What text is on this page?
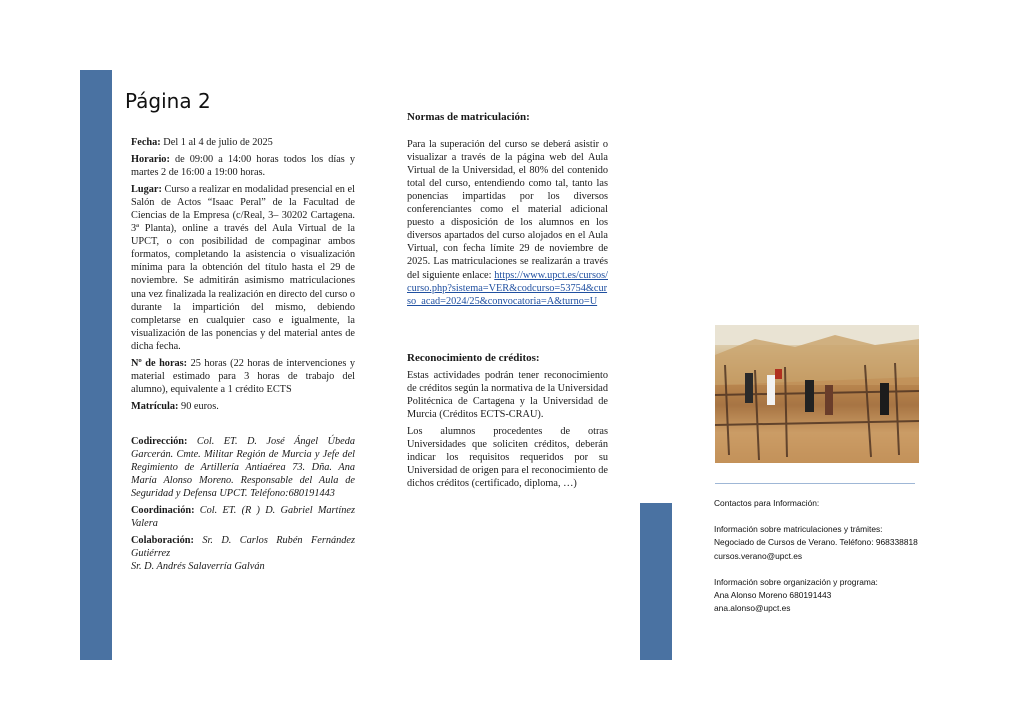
Página 2

Fecha: Del 1 al 4 de julio de 2025

Horario: de 09:00 a 14:00 horas todos los días y martes 2 de 16:00 a 19:00 horas.

Lugar: Curso a realizar en modalidad presencial en el Salón de Actos “Isaac Peral” de la Facultad de Ciencias de la Empresa (c/Real, 3– 30202 Cartagena. 3ª Planta), online a través del Aula Virtual de la UPCT, o con posibilidad de compaginar ambos formatos, completando la asistencia o visualización mínima para la obtención del título hasta el 29 de noviembre. Se admitirán asimismo matriculaciones una vez finalizada la realización en directo del curso o durante la impartición del mismo, debiendo completarse en cualquier caso e igualmente, la visualización de las ponencias y del material antes de dicha fecha.

Nº de horas: 25 horas (22 horas de intervenciones y material estimado para 3 horas de trabajo del alumno), equivalente a 1 crédito ECTS

Matrícula: 90 euros.

Codirección: Col. ET. D. José Ángel Úbeda Garcerán. Cmte. Militar Región de Murcia y Jefe del Regimiento de Artillería Antiaérea 73. Dña. Ana María Alonso Moreno. Responsable del Aula de Seguridad y Defensa UPCT. Teléfono:680191443

Coordinación: Col. ET. (R ) D. Gabriel Martínez Valera

Colaboración: Sr. D. Carlos Rubén Fernández Gutiérrez

Sr. D. Andrés Salaverría Galván

Normas de matriculación:

Para la superación del curso se deberá asistir o visualizar a través de la página web del Aula Virtual de la Universidad, el 80% del contenido total del curso, entendiendo como tal, tanto las ponencias impartidas por los diversos conferenciantes como el material adicional puesto a disposición de los alumnos en los diversos apartados del curso alojados en el Aula Virtual, con fecha límite 29 de noviembre de 2025. Las matriculaciones se realizarán a través del siguiente enlace: https://www.upct.es/cursos/curso.php?sistema=VER&codcurso=53754&curso_acad=2024/25&convocatoria=A&turno=U

Reconocimiento de créditos:

Estas actividades podrán tener reconocimiento de créditos según la normativa de la Universidad Politécnica de Cartagena y la Universidad de Murcia (Créditos ECTS-CRAU).

Los alumnos procedentes de otras Universidades que soliciten créditos, deberán indicar los requisitos requeridos por su Universidad de origen para el reconocimiento de dichos créditos (certificado, diploma, …)

Contactos para Información:

Información sobre matriculaciones y trámites:

Negociado de Cursos de Verano. Teléfono: 968338818

cursos.verano@upct.es

Información sobre organización y programa:

Ana Alonso Moreno 680191443

ana.alonso@upct.es
